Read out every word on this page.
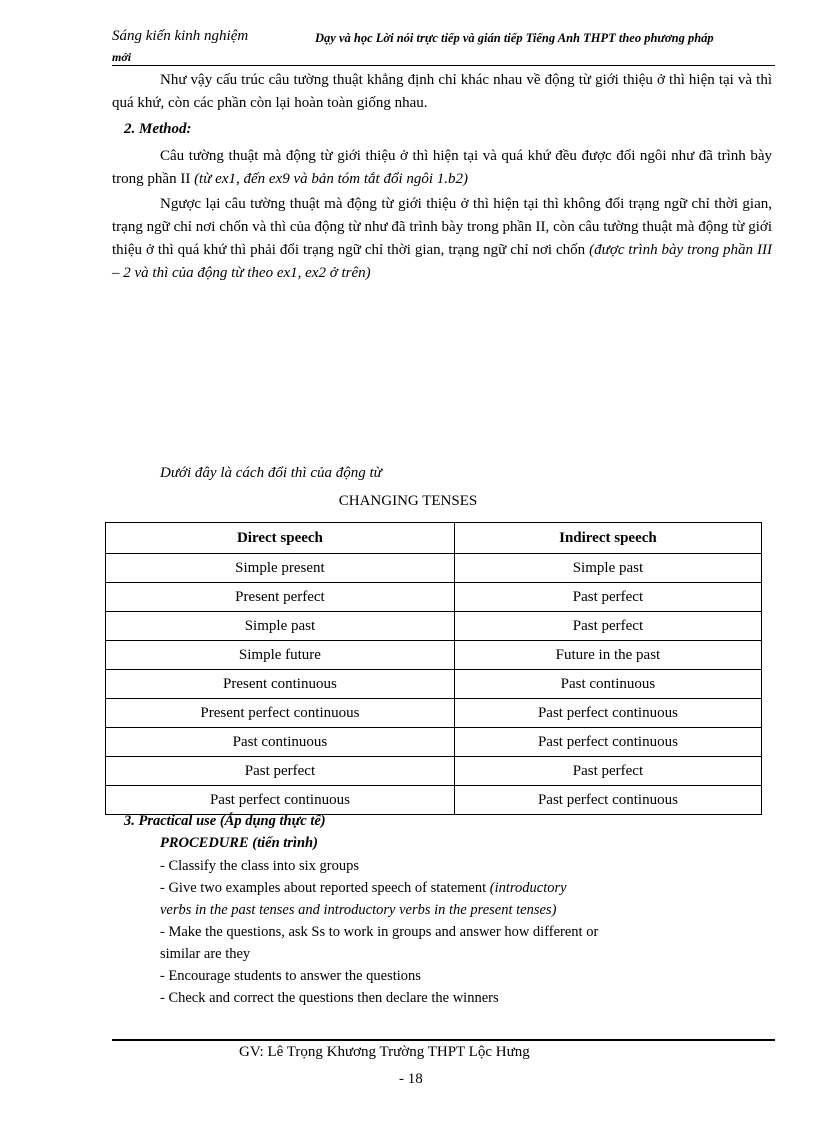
Sáng kiến kinh nghiệm
mới
Dạy và học Lời nói trực tiếp và gián tiếp Tiếng Anh THPT theo phương pháp
Như vậy cấu trúc câu tường thuật khẳng định chỉ khác nhau về động từ giới thiệu ở thì hiện tại và thì quá khứ, còn các phần còn lại hoàn toàn giống nhau.
2. Method:
Câu tường thuật mà động từ giới thiệu ở thì hiện tại và quá khứ đều được đổi ngôi như đã trình bày trong phần II (từ ex1, đến ex9 và bản tóm tắt đổi ngôi 1.b2)
Ngược lại câu tường thuật mà động từ giới thiệu ở thì hiện tại thì không đổi trạng ngữ chỉ thời gian, trạng ngữ chỉ nơi chốn và thì của động từ như đã trình bày trong phần II, còn câu tường thuật mà động từ giới thiệu ở thì quá khứ thì phải đổi trạng ngữ chỉ thời gian, trạng ngữ chỉ nơi chốn (được trình bày trong phần III – 2 và thì của động từ theo ex1, ex2 ở trên)
Dưới đây là cách đổi thì của động từ
CHANGING TENSES
Direct speech	Indirect speech
Simple present	Simple past
Present perfect	Past perfect
Simple past	Past perfect
Simple future	Future in the past
Present continuous	Past continuous
Present perfect continuous	Past perfect continuous
Past continuous	Past perfect continuous
Past perfect	Past perfect
Past perfect continuous	Past perfect continuous
3. Practical use (Áp dụng thực tế)
PROCEDURE (tiến trình)
- Classify the class into six groups
- Give two examples about reported speech of statement (introductory
verbs in the past tenses and introductory verbs in the present tenses)
- Make the questions, ask Ss to work in groups and answer how different or
similar are they
- Encourage students to answer the questions
- Check and correct the questions then declare the winners
GV: Lê Trọng Khương Trường THPT Lộc Hưng
- 18
